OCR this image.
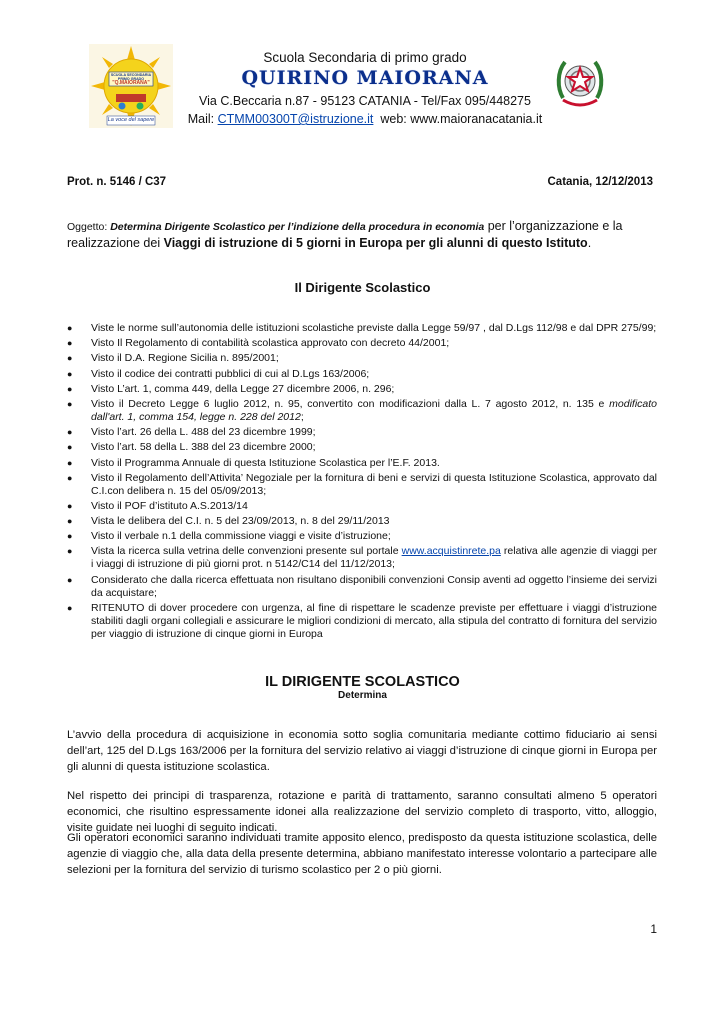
SCUOLA SECONDARIA PRIMO GRADO
"Q.MAIORANA"
La voce del sapere
Scuola Secondaria di primo grado
QUIRINO MAIORANA
Via C.Beccaria n.87 - 95123 CATANIA - Tel/Fax 095/448275
Mail: CTMM00300T@istruzione.it  web: www.maioranacatania.it
Prot. n. 5146 / C37	Catania, 12/12/2013
Oggetto: Determina Dirigente Scolastico per l’indizione della procedura in economia per l’organizzazione e la realizzazione dei Viaggi di istruzione di 5 giorni in Europa per gli alunni di questo Istituto.
Il Dirigente Scolastico
● Viste le norme sull’autonomia delle istituzioni scolastiche previste dalla Legge 59/97 , dal D.Lgs 112/98 e dal DPR 275/99;
● Visto Il Regolamento di contabilità scolastica approvato con decreto 44/2001;
● Visto il D.A. Regione Sicilia n. 895/2001;
● Visto il codice dei contratti pubblici di cui al D.Lgs 163/2006;
● Visto L’art. 1, comma 449, della Legge 27 dicembre 2006, n. 296;
● Visto il Decreto Legge 6 luglio 2012, n. 95, convertito con modificazioni dalla L. 7 agosto 2012, n. 135 e modificato dall'art. 1, comma 154, legge n. 228 del 2012;
● Visto l’art. 26 della L. 488 del 23 dicembre 1999;
● Visto l’art. 58 della L. 388 del 23 dicembre 2000;
● Visto il Programma Annuale di questa Istituzione Scolastica per l’E.F. 2013.
● Visto il Regolamento dell’Attivita’ Negoziale per la fornitura di beni e servizi di questa Istituzione Scolastica, approvato dal C.I.con delibera n. 15 del 05/09/2013;
● Visto il POF d’istituto A.S.2013/14
● Vista le delibera del C.I. n. 5 del 23/09/2013, n. 8 del 29/11/2013
● Visto il verbale n.1 della commissione viaggi e visite d’istruzione;
● Vista la ricerca sulla vetrina delle convenzioni presente sul portale www.acquistinrete.pa relativa alle agenzie di viaggi per i viaggi di istruzione di più giorni prot. n 5142/C14 del 11/12/2013;
● Considerato che dalla ricerca effettuata non risultano disponibili convenzioni Consip aventi ad oggetto l’insieme dei servizi da acquistare;
● RITENUTO di dover procedere con urgenza, al fine di rispettare le scadenze previste per effettuare i viaggi d’istruzione stabiliti dagli organi collegiali e assicurare le migliori condizioni di mercato, alla stipula del contratto di fornitura del servizio per viaggio di istruzione di cinque giorni in Europa
IL DIRIGENTE SCOLASTICO
Determina
L’avvio della procedura di acquisizione in economia sotto soglia comunitaria mediante cottimo fiduciario ai sensi dell’art, 125 del D.Lgs 163/2006 per la fornitura del servizio relativo ai viaggi d’istruzione di cinque giorni in Europa per gli alunni di questa istituzione scolastica.
Nel rispetto dei principi di trasparenza, rotazione e parità di trattamento, saranno consultati almeno 5 operatori economici, che risultino espressamente idonei alla realizzazione del servizio completo di trasporto, vitto, alloggio, visite guidate nei luoghi di seguito indicati.
Gli operatori economici saranno individuati tramite apposito elenco, predisposto da questa istituzione scolastica, delle agenzie di viaggio che, alla data della presente determina, abbiano manifestato interesse volontario a partecipare alle selezioni per la fornitura del servizio di turismo scolastico per 2 o più giorni.
1
